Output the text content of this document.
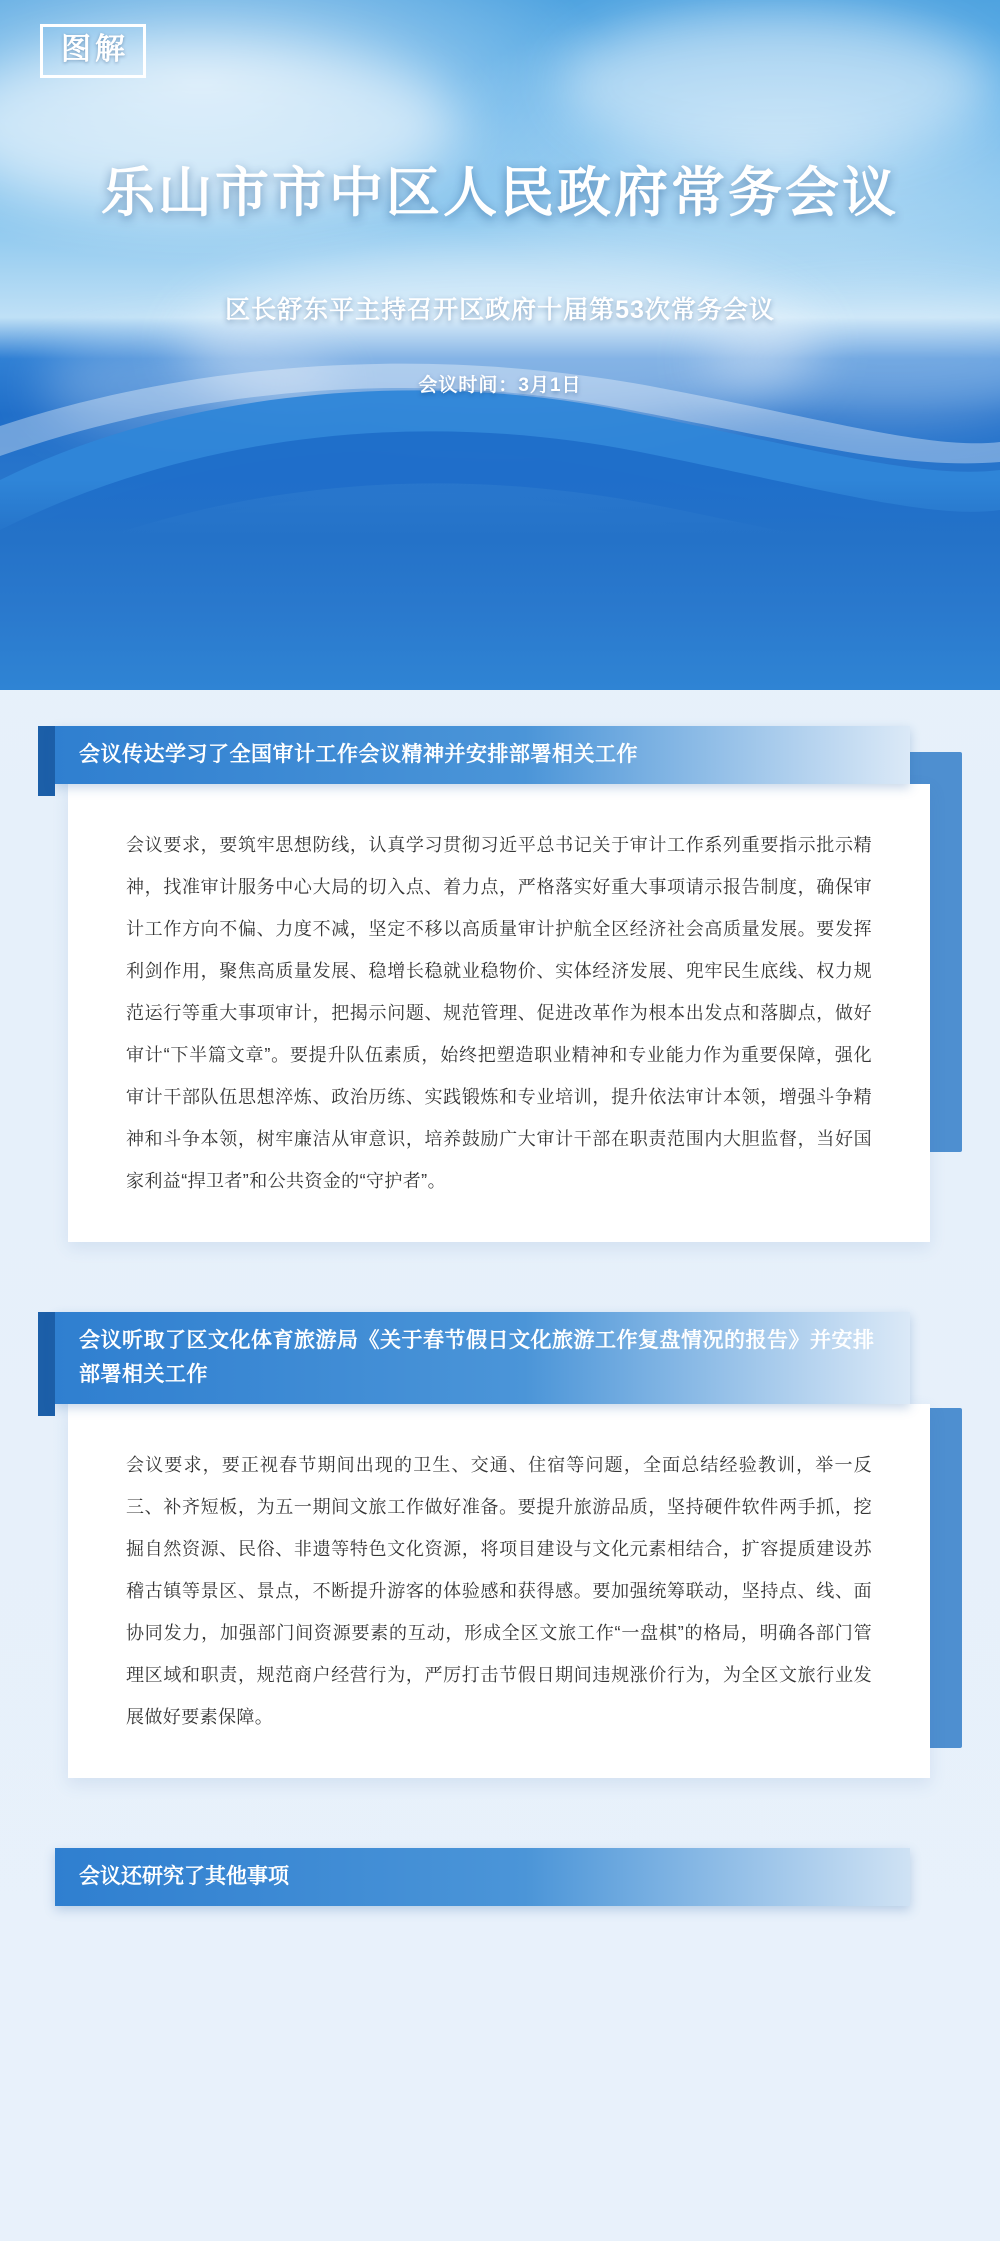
图解
乐山市市中区人民政府常务会议
区长舒东平主持召开区政府十届第53次常务会议
会议时间：3月1日
会议传达学习了全国审计工作会议精神并安排部署相关工作
会议要求，要筑牢思想防线，认真学习贯彻习近平总书记关于审计工作系列重要指示批示精神，找准审计服务中心大局的切入点、着力点，严格落实好重大事项请示报告制度，确保审计工作方向不偏、力度不减，坚定不移以高质量审计护航全区经济社会高质量发展。要发挥利剑作用，聚焦高质量发展、稳增长稳就业稳物价、实体经济发展、兜牢民生底线、权力规范运行等重大事项审计，把揭示问题、规范管理、促进改革作为根本出发点和落脚点，做好审计“下半篇文章”。要提升队伍素质，始终把塑造职业精神和专业能力作为重要保障，强化审计干部队伍思想淬炼、政治历练、实践锻炼和专业培训，提升依法审计本领，增强斗争精神和斗争本领，树牢廉洁从审意识，培养鼓励广大审计干部在职责范围内大胆监督，当好国家利益“捍卫者”和公共资金的“守护者”。
会议听取了区文化体育旅游局《关于春节假日文化旅游工作复盘情况的报告》并安排部署相关工作
会议要求，要正视春节期间出现的卫生、交通、住宿等问题，全面总结经验教训，举一反三、补齐短板，为五一期间文旅工作做好准备。要提升旅游品质，坚持硬件软件两手抓，挖掘自然资源、民俗、非遗等特色文化资源，将项目建设与文化元素相结合，扩容提质建设苏稽古镇等景区、景点，不断提升游客的体验感和获得感。要加强统筹联动，坚持点、线、面协同发力，加强部门间资源要素的互动，形成全区文旅工作“一盘棋”的格局，明确各部门管理区域和职责，规范商户经营行为，严厉打击节假日期间违规涨价行为，为全区文旅行业发展做好要素保障。
会议还研究了其他事项
